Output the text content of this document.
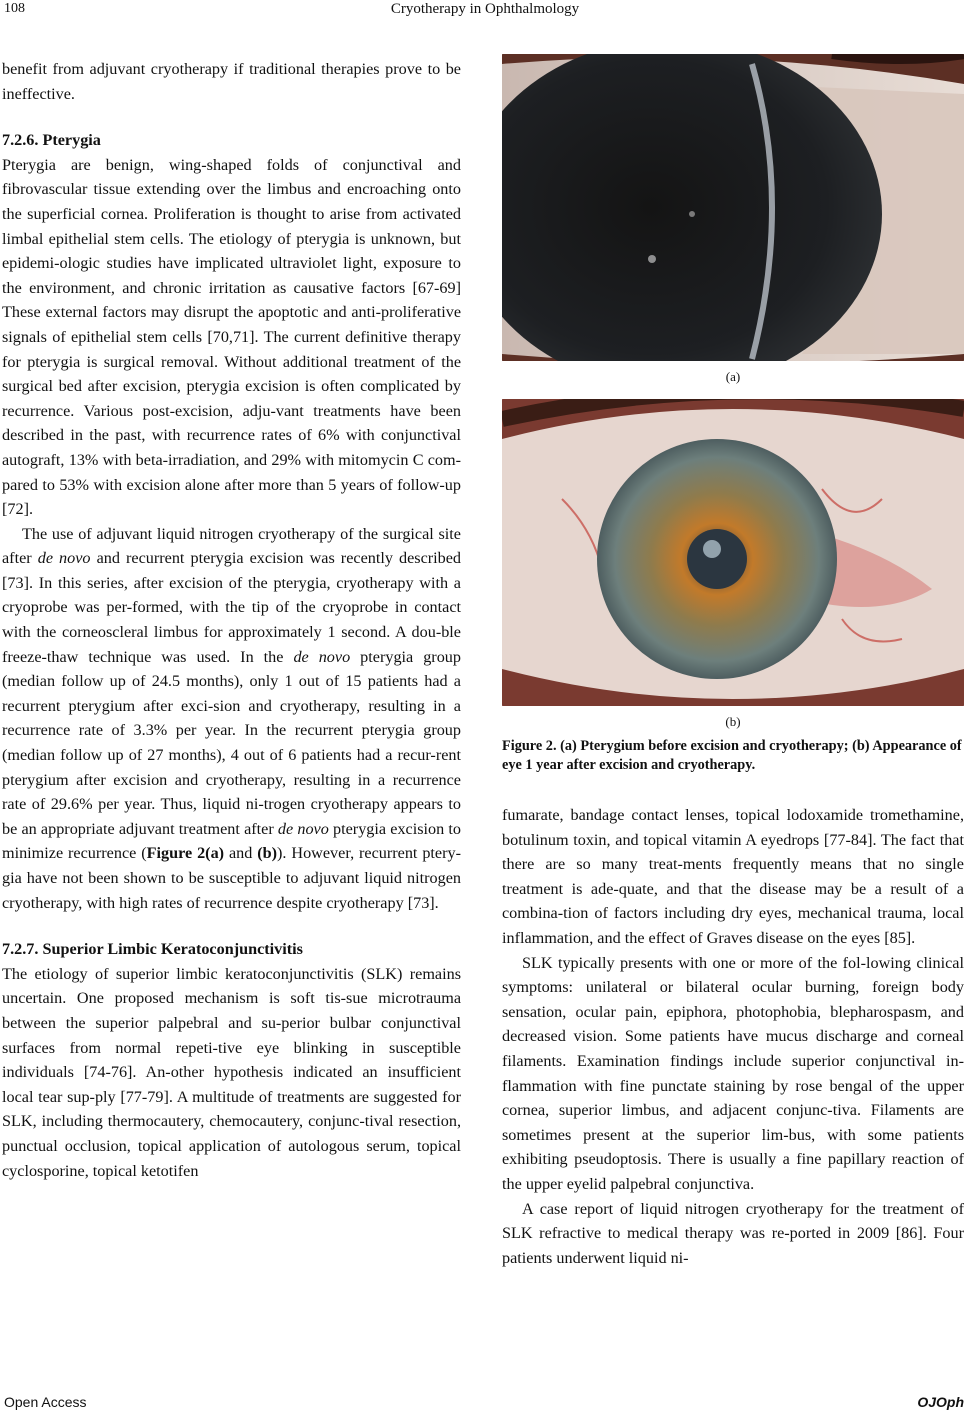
108	Cryotherapy in Ophthalmology

benefit from adjuvant cryotherapy if traditional therapies prove to be ineffective.

7.2.6. Pterygia

Pterygia are benign, wing-shaped folds of conjunctival and fibrovascular tissue extending over the limbus and encroaching onto the superficial cornea. Proliferation is thought to arise from activated limbal epithelial stem cells. The etiology of pterygia is unknown, but epidemi-ologic studies have implicated ultraviolet light, exposure to the environment, and chronic irritation as causative factors [67-69] These external factors may disrupt the apoptotic and anti-proliferative signals of epithelial stem cells [70,71]. The current definitive therapy for pterygia is surgical removal. Without additional treatment of the surgical bed after excision, pterygia excision is often complicated by recurrence. Various post-excision, adju-vant treatments have been described in the past, with recurrence rates of 6% with conjunctival autograft, 13% with beta-irradiation, and 29% with mitomycin C com-pared to 53% with excision alone after more than 5 years of follow-up [72].

The use of adjuvant liquid nitrogen cryotherapy of the surgical site after de novo and recurrent pterygia excision was recently described [73]. In this series, after excision of the pterygia, cryotherapy with a cryoprobe was per-formed, with the tip of the cryoprobe in contact with the corneoscleral limbus for approximately 1 second. A dou-ble freeze-thaw technique was used. In the de novo pterygia group (median follow up of 24.5 months), only 1 out of 15 patients had a recurrent pterygium after exci-sion and cryotherapy, resulting in a recurrence rate of 3.3% per year. In the recurrent pterygia group (median follow up of 27 months), 4 out of 6 patients had a recur-rent pterygium after excision and cryotherapy, resulting in a recurrence rate of 29.6% per year. Thus, liquid ni-trogen cryotherapy appears to be an appropriate adjuvant treatment after de novo pterygia excision to minimize recurrence (Figure 2(a) and (b)). However, recurrent ptery-gia have not been shown to be susceptible to adjuvant liquid nitrogen cryotherapy, with high rates of recurrence despite cryotherapy [73].

7.2.7. Superior Limbic Keratoconjunctivitis

The etiology of superior limbic keratoconjunctivitis (SLK) remains uncertain. One proposed mechanism is soft tis-sue microtrauma between the superior palpebral and su-perior bulbar conjunctival surfaces from normal repeti-tive eye blinking in susceptible individuals [74-76]. An-other hypothesis indicated an insufficient local tear sup-ply [77-79]. A multitude of treatments are suggested for SLK, including thermocautery, chemocautery, conjunc-tival resection, punctual occlusion, topical application of autologous serum, topical cyclosporine, topical ketotifen

(a)
(b)
Figure 2. (a) Pterygium before excision and cryotherapy; (b) Appearance of eye 1 year after excision and cryotherapy.

fumarate, bandage contact lenses, topical lodoxamide tromethamine, botulinum toxin, and topical vitamin A eyedrops [77-84]. The fact that there are so many treat-ments frequently means that no single treatment is ade-quate, and that the disease may be a result of a combina-tion of factors including dry eyes, mechanical trauma, local inflammation, and the effect of Graves disease on the eyes [85].

SLK typically presents with one or more of the fol-lowing clinical symptoms: unilateral or bilateral ocular burning, foreign body sensation, ocular pain, epiphora, photophobia, blepharospasm, and decreased vision. Some patients have mucus discharge and corneal filaments. Examination findings include superior conjunctival in-flammation with fine punctate staining by rose bengal of the upper cornea, superior limbus, and adjacent conjunc-tiva. Filaments are sometimes present at the superior lim-bus, with some patients exhibiting pseudoptosis. There is usually a fine papillary reaction of the upper eyelid palpebral conjunctiva.

A case report of liquid nitrogen cryotherapy for the treatment of SLK refractive to medical therapy was re-ported in 2009 [86]. Four patients underwent liquid ni-

Open Access	OJOph
